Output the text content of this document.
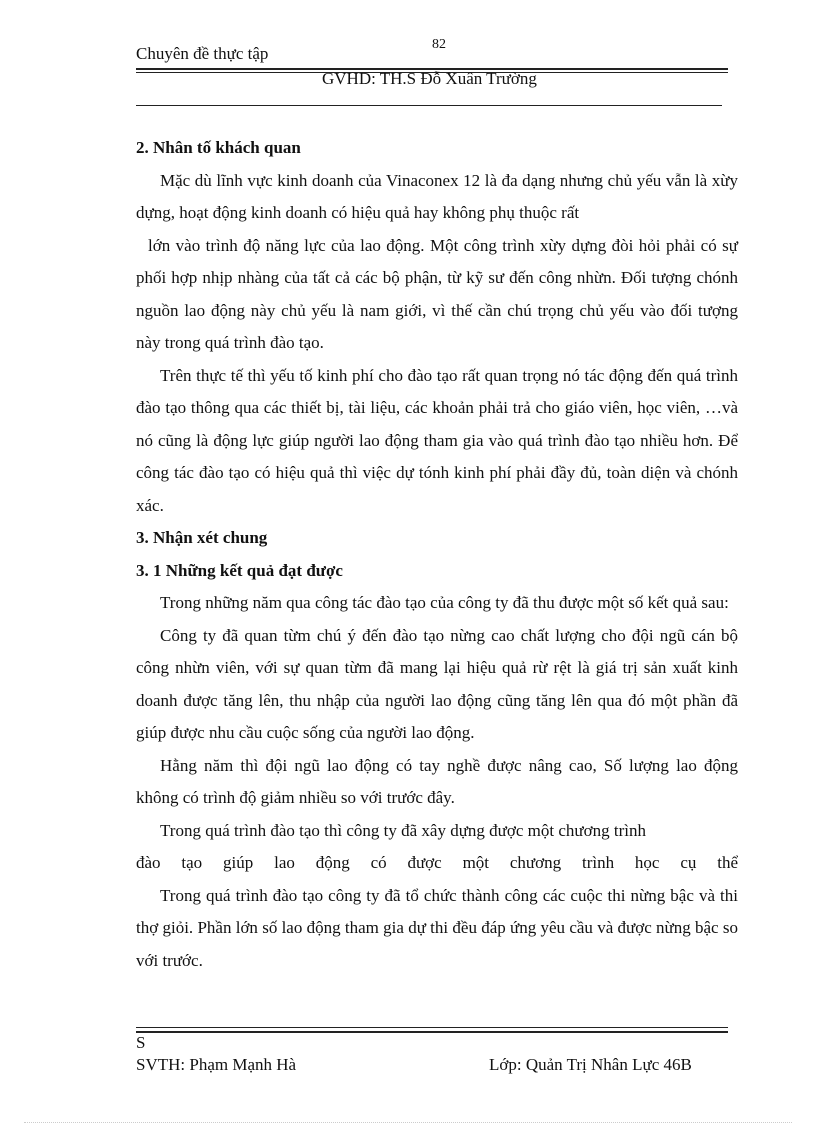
Chuyên đề thực tập	82
GVHD: TH.S Đỗ Xuân Trường
2. Nhân tố khách quan

Mặc dù lĩnh vực kinh doanh của Vinaconex 12 là đa dạng nhưng chủ yếu vẫn là xừy dựng, hoạt động kinh doanh có hiệu quả hay không phụ thuộc rất

lớn vào trình độ năng lực của lao động. Một công trình xừy dựng đòi hỏi phải có sự phối hợp nhịp nhàng của tất cả các bộ phận, từ kỹ sư đến công nhừn. Đối tượng chónh nguồn lao động này chủ yếu là nam giới, vì thế cần chú trọng chủ yếu vào đối tượng này trong quá trình đào tạo.

Trên thực tế thì yếu tố kinh phí cho đào tạo rất quan trọng nó tác động đến quá trình đào tạo thông qua các thiết bị, tài liệu, các khoản phải trả cho giáo viên, học viên, …và nó cũng là động lực giúp người lao động tham gia vào quá trình đào tạo nhiều hơn. Để công tác đào tạo có hiệu quả thì việc dự tónh kinh phí phải đầy đủ, toàn diện và chónh xác.

3. Nhận xét chung
3. 1 Những kết quả đạt được

Trong những năm qua công tác đào tạo của công ty đã thu được một số kết quả sau:

Công ty đã quan từm chú ý đến đào tạo nừng cao chất lượng cho đội ngũ cán bộ công nhừn viên, với sự quan từm đã mang lại hiệu quả rừ rệt là giá trị sản xuất kinh doanh được tăng lên, thu nhập của người lao động cũng tăng lên qua đó một phần đã giúp được nhu cầu cuộc sống của người lao động.

Hằng năm thì đội ngũ lao động có tay nghề được nâng cao, Số lượng lao động không có trình độ giảm nhiều so với trước đây.

Trong quá trình đào tạo thì công ty đã xây dựng được một chương trình

đào tạo giúp lao động có được một chương trình học cụ thể

Trong quá trình đào tạo công ty đã tổ chức thành công các cuộc thi nừng bậc và thi thợ giỏi. Phần lớn số lao động tham gia dự thi đều đáp ứng yêu cầu và được nừng bậc so với trước.

S
SVTH: Phạm Mạnh Hà	Lớp: Quản Trị Nhân Lực 46B
